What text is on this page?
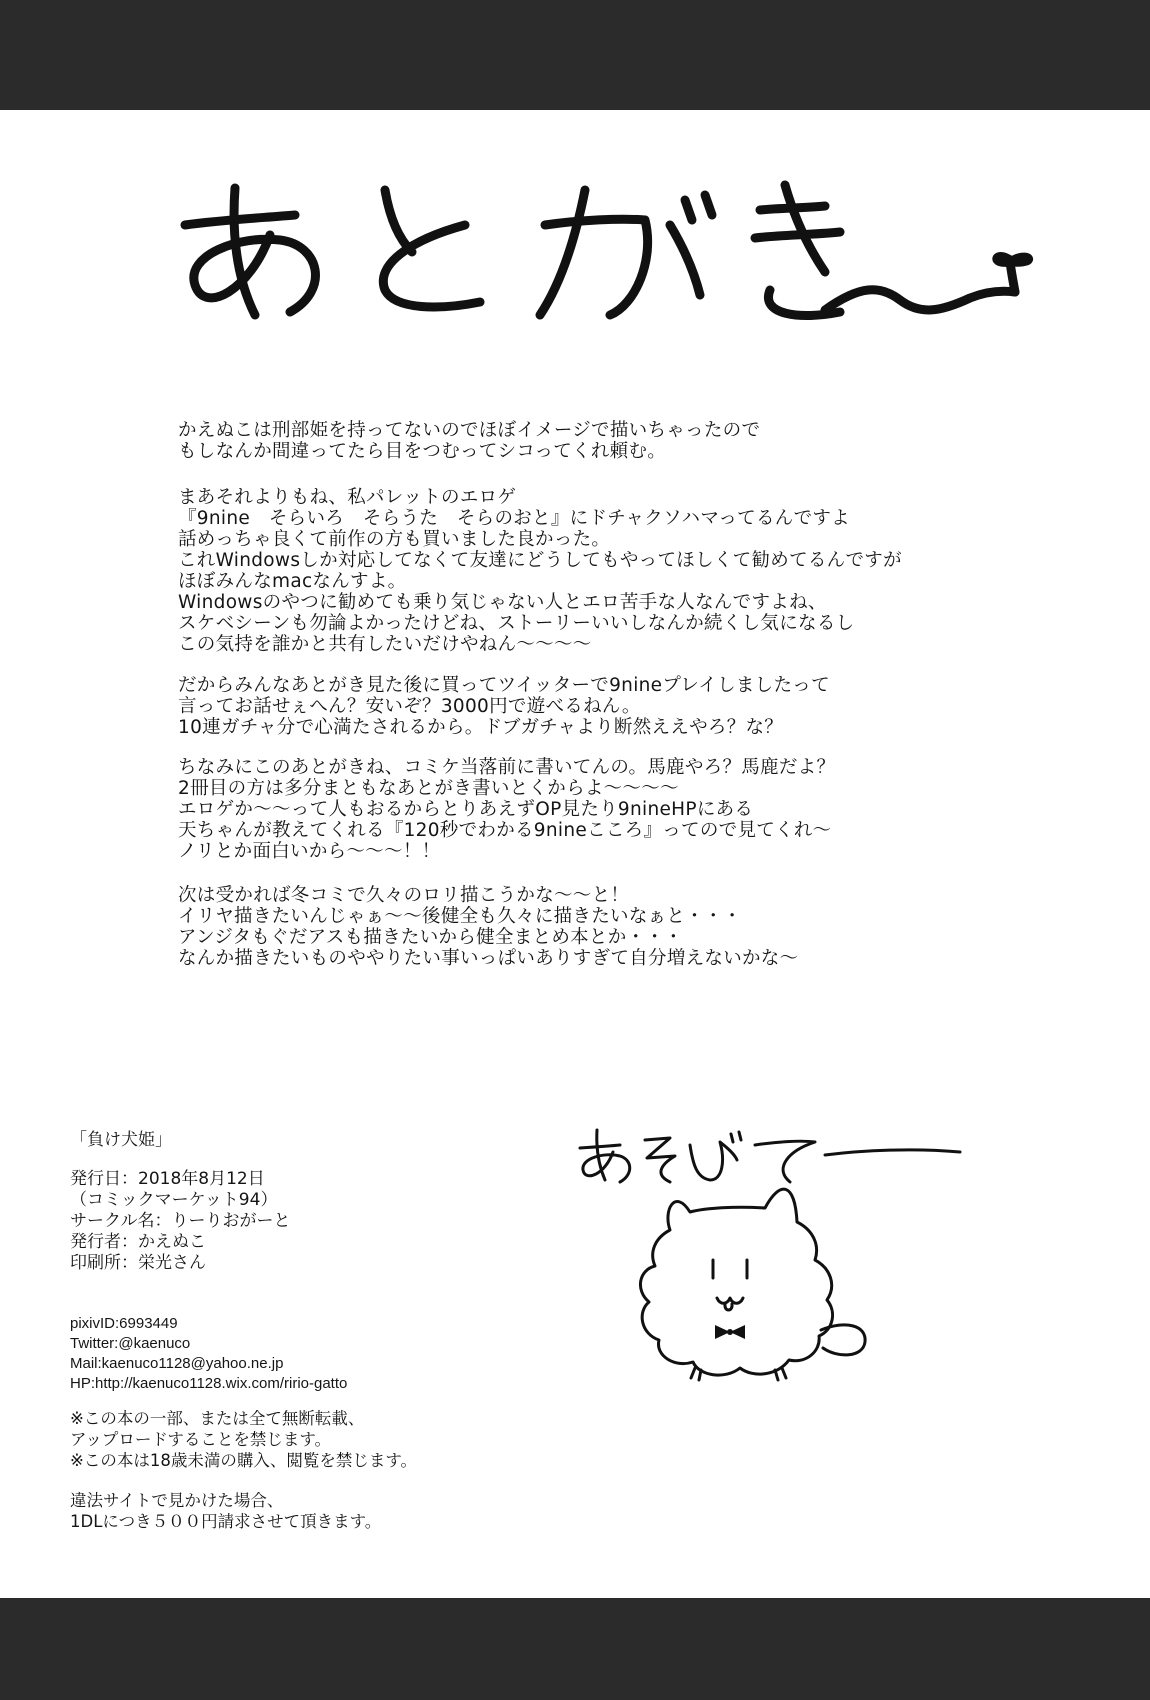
かえぬこは刑部姫を持ってないのでほぼイメージで描いちゃったので
もしなんか間違ってたら目をつむってシコってくれ頼む。
まあそれよりもね、私パレットのエロゲ
『9nine　そらいろ　そらうた　そらのおと』にドチャクソハマってるんですよ
話めっちゃ良くて前作の方も買いました良かった。
これWindowsしか対応してなくて友達にどうしてもやってほしくて勧めてるんですが
ほぼみんなmacなんすよ。
Windowsのやつに勧めても乗り気じゃない人とエロ苦手な人なんですよね、
スケベシーンも勿論よかったけどね、ストーリーいいしなんか続くし気になるし
この気持を誰かと共有したいだけやねん～～～～
だからみんなあとがき見た後に買ってツイッターで9nineプレイしましたって
言ってお話せぇへん？安いぞ？3000円で遊べるねん。
10連ガチャ分で心満たされるから。ドブガチャより断然ええやろ？な？
ちなみにこのあとがきね、コミケ当落前に書いてんの。馬鹿やろ？馬鹿だよ？
2冊目の方は多分まともなあとがき書いとくからよ～～～～
エロゲか～～って人もおるからとりあえずOP見たり9nineHPにある
天ちゃんが教えてくれる『120秒でわかる9nineこころ』ってので見てくれ～
ノリとか面白いから～～～！！
次は受かれば冬コミで久々のロリ描こうかな～～と！
イリヤ描きたいんじゃぁ～～後健全も久々に描きたいなぁと・・・
アンジタもぐだアスも描きたいから健全まとめ本とか・・・
なんか描きたいものややりたい事いっぱいありすぎて自分増えないかな～
「負け犬姫」
発行日：2018年8月12日
（コミックマーケット94）
サークル名：りーりおがーと
発行者：かえぬこ
印刷所：栄光さん
pixivID:6993449
Twitter:@kaenuco
Mail:kaenuco1128@yahoo.ne.jp
HP:http://kaenuco1128.wix.com/ririo-gatto
※この本の一部、または全て無断転載、
アップロードすることを禁じます。
※この本は18歳未満の購入、閲覧を禁じます。
違法サイトで見かけた場合、
1DLにつき５００円請求させて頂きます。
